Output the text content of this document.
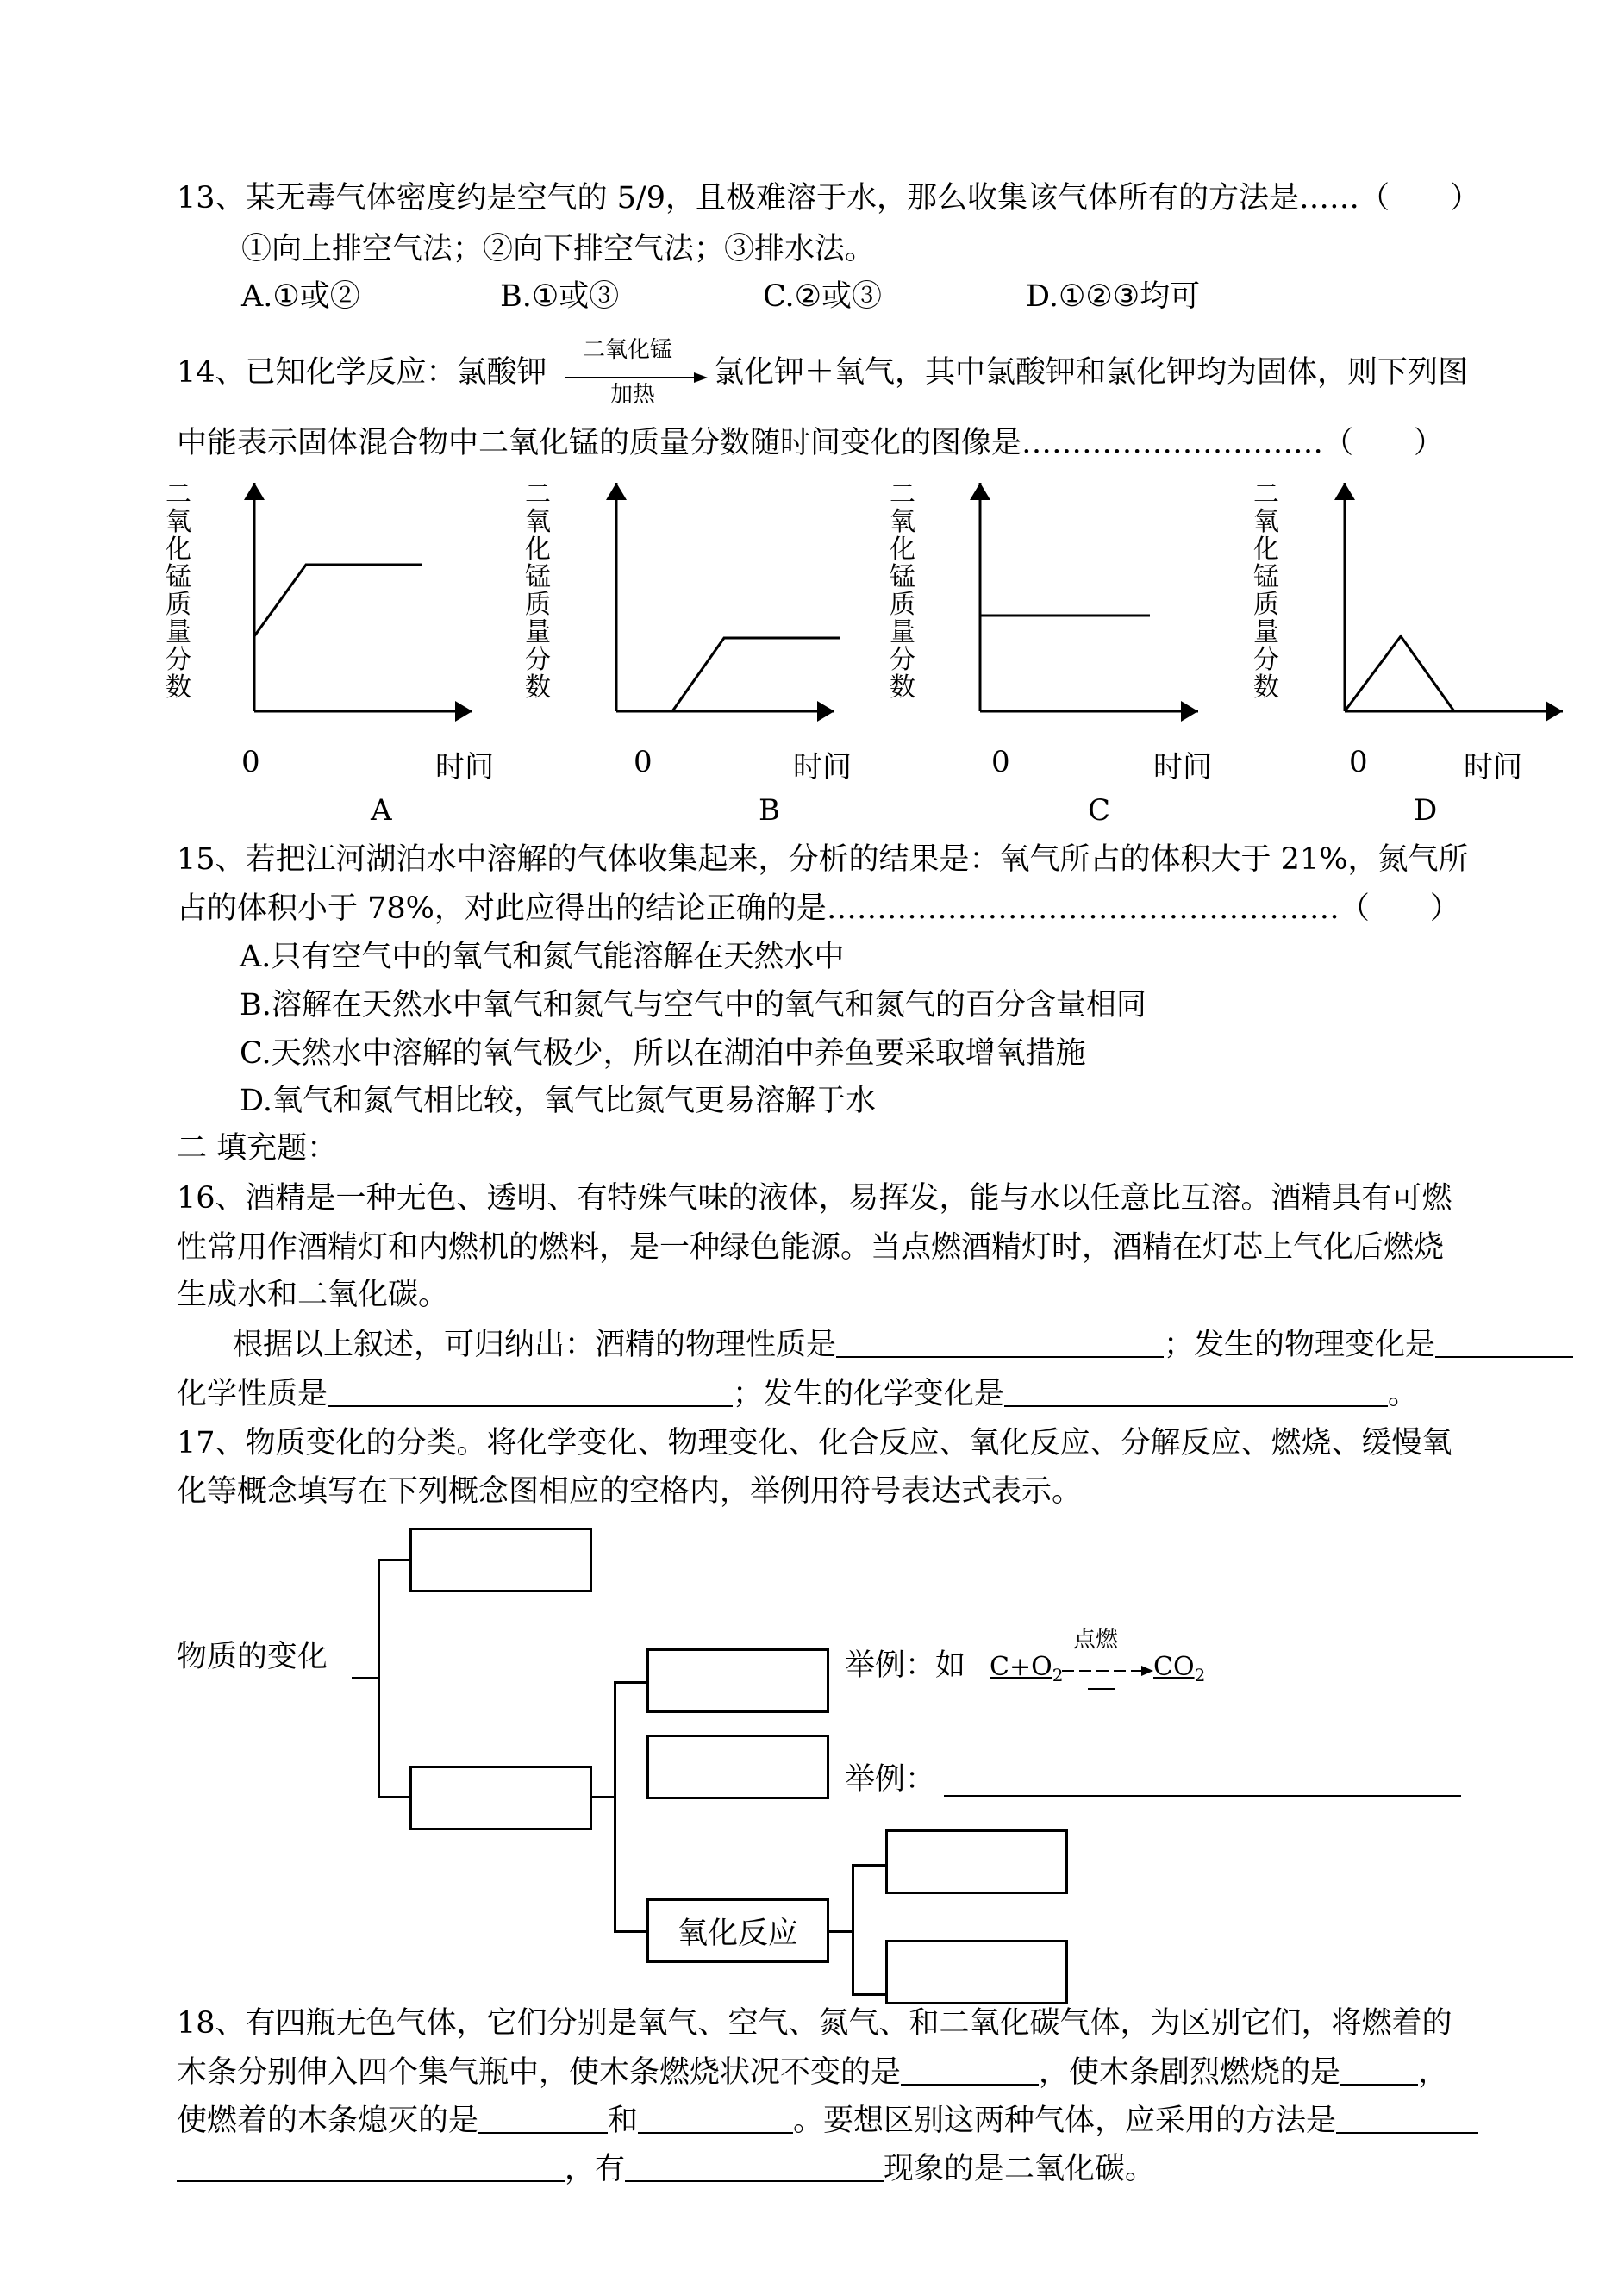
13、某无毒气体密度约是空气的 5/9，且极难溶于水，那么收集该气体所有的方法是……（　　）
①向上排空气法；②向下排空气法；③排水法。
A.①或②	B.①或③	C.②或③	D.①②③均可
14、已知化学反应：氯酸钾
二氧化锰
加热
氯化钾＋氧气，其中氯酸钾和氯化钾均为固体，则下列图
中能表示固体混合物中二氧化锰的质量分数随时间变化的图像是…………………………（　　）
二氧化锰质量分数
0	时间
A
二氧化锰质量分数
0	时间
B
二氧化锰质量分数
0	时间
C
二氧化锰质量分数
0	时间
D
15、若把江河湖泊水中溶解的气体收集起来，分析的结果是：氧气所占的体积大于 21%，氮气所
占的体积小于 78%，对此应得出的结论正确的是……………………………………………（　　）
A.只有空气中的氧气和氮气能溶解在天然水中
B.溶解在天然水中氧气和氮气与空气中的氧气和氮气的百分含量相同
C.天然水中溶解的氧气极少，所以在湖泊中养鱼要采取增氧措施
D.氧气和氮气相比较，氧气比氮气更易溶解于水
二 填充题：
16、酒精是一种无色、透明、有特殊气味的液体，易挥发，能与水以任意比互溶。酒精具有可燃
性常用作酒精灯和内燃机的燃料，是一种绿色能源。当点燃酒精灯时，酒精在灯芯上气化后燃烧
生成水和二氧化碳。
根据以上叙述，可归纳出：酒精的物理性质是	；发生的物理变化是
化学性质是	；发生的化学变化是	。
17、物质变化的分类。将化学变化、物理变化、化合反应、氧化反应、分解反应、燃烧、缓慢氧
化等概念填写在下列概念图相应的空格内，举例用符号表达式表示。
物质的变化
氧化反应
举例：如 $C+O_2$
点燃
$CO_2$
举例：
18、有四瓶无色气体，它们分别是氧气、空气、氮气、和二氧化碳气体，为区别它们，将燃着的
木条分别伸入四个集气瓶中，使木条燃烧状况不变的是	，使木条剧烈燃烧的是	，
使燃着的木条熄灭的是	和	。要想区别这两种气体，应采用的方法是
，有	现象的是二氧化碳。
